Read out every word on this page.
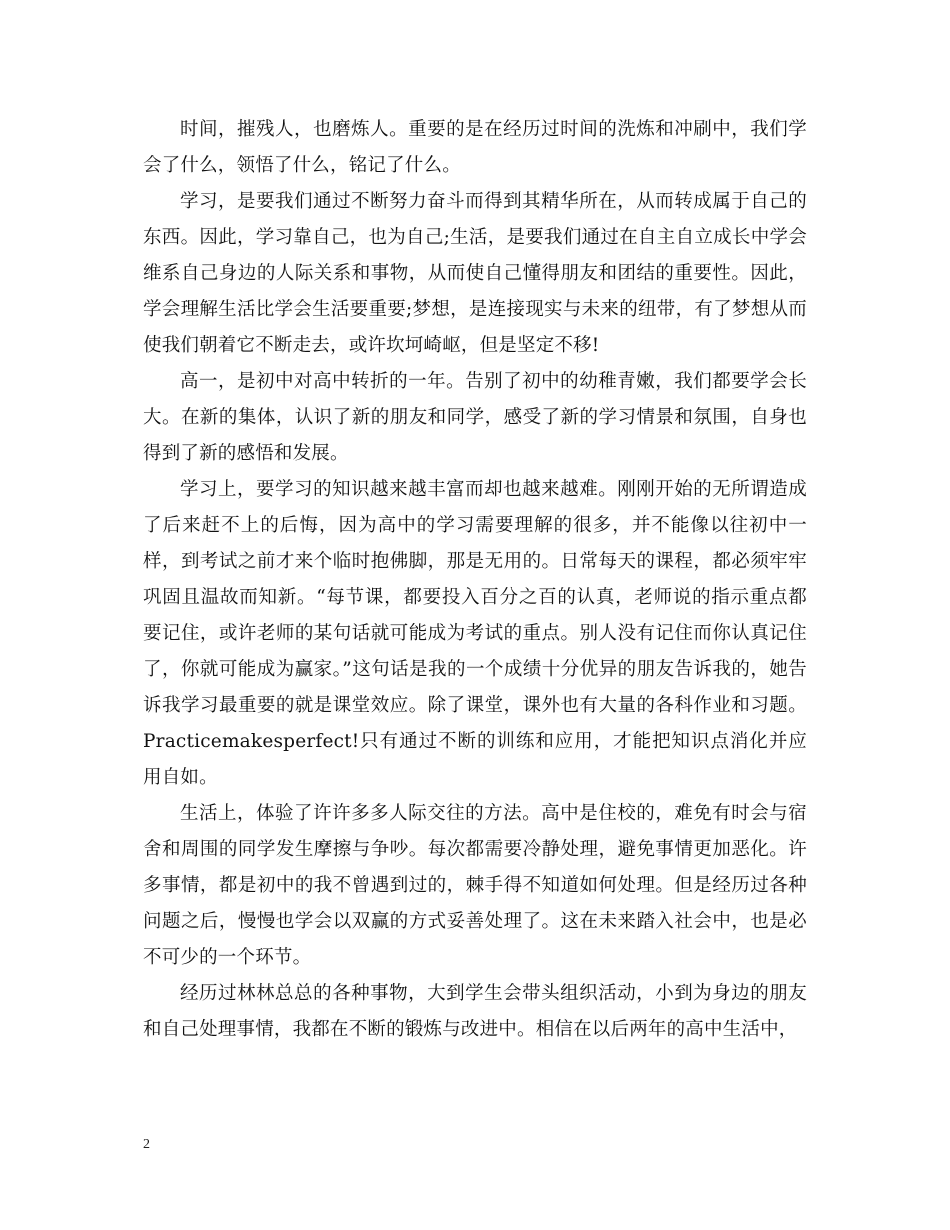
时间，摧残人，也磨炼人。重要的是在经历过时间的洗炼和冲刷中，我们学会了什么，领悟了什么，铭记了什么。

学习，是要我们通过不断努力奋斗而得到其精华所在，从而转成属于自己的东西。因此，学习靠自己，也为自己;生活，是要我们通过在自主自立成长中学会维系自己身边的人际关系和事物，从而使自己懂得朋友和团结的重要性。因此，学会理解生活比学会生活要重要;梦想，是连接现实与未来的纽带，有了梦想从而使我们朝着它不断走去，或许坎坷崎岖，但是坚定不移!

高一，是初中对高中转折的一年。告别了初中的幼稚青嫩，我们都要学会长大。在新的集体，认识了新的朋友和同学，感受了新的学习情景和氛围，自身也得到了新的感悟和发展。

学习上，要学习的知识越来越丰富而却也越来越难。刚刚开始的无所谓造成了后来赶不上的后悔，因为高中的学习需要理解的很多，并不能像以往初中一样，到考试之前才来个临时抱佛脚，那是无用的。日常每天的课程，都必须牢牢巩固且温故而知新。“每节课，都要投入百分之百的认真，老师说的指示重点都要记住，或许老师的某句话就可能成为考试的重点。别人没有记住而你认真记住了，你就可能成为赢家。”这句话是我的一个成绩十分优异的朋友告诉我的，她告诉我学习最重要的就是课堂效应。除了课堂，课外也有大量的各科作业和习题。Practicemakesperfect!只有通过不断的训练和应用，才能把知识点消化并应用自如。

生活上，体验了许许多多人际交往的方法。高中是住校的，难免有时会与宿舍和周围的同学发生摩擦与争吵。每次都需要冷静处理，避免事情更加恶化。许多事情，都是初中的我不曾遇到过的，棘手得不知道如何处理。但是经历过各种问题之后，慢慢也学会以双赢的方式妥善处理了。这在未来踏入社会中，也是必不可少的一个环节。

经历过林林总总的各种事物，大到学生会带头组织活动，小到为身边的朋友和自己处理事情，我都在不断的锻炼与改进中。相信在以后两年的高中生活中，

2
